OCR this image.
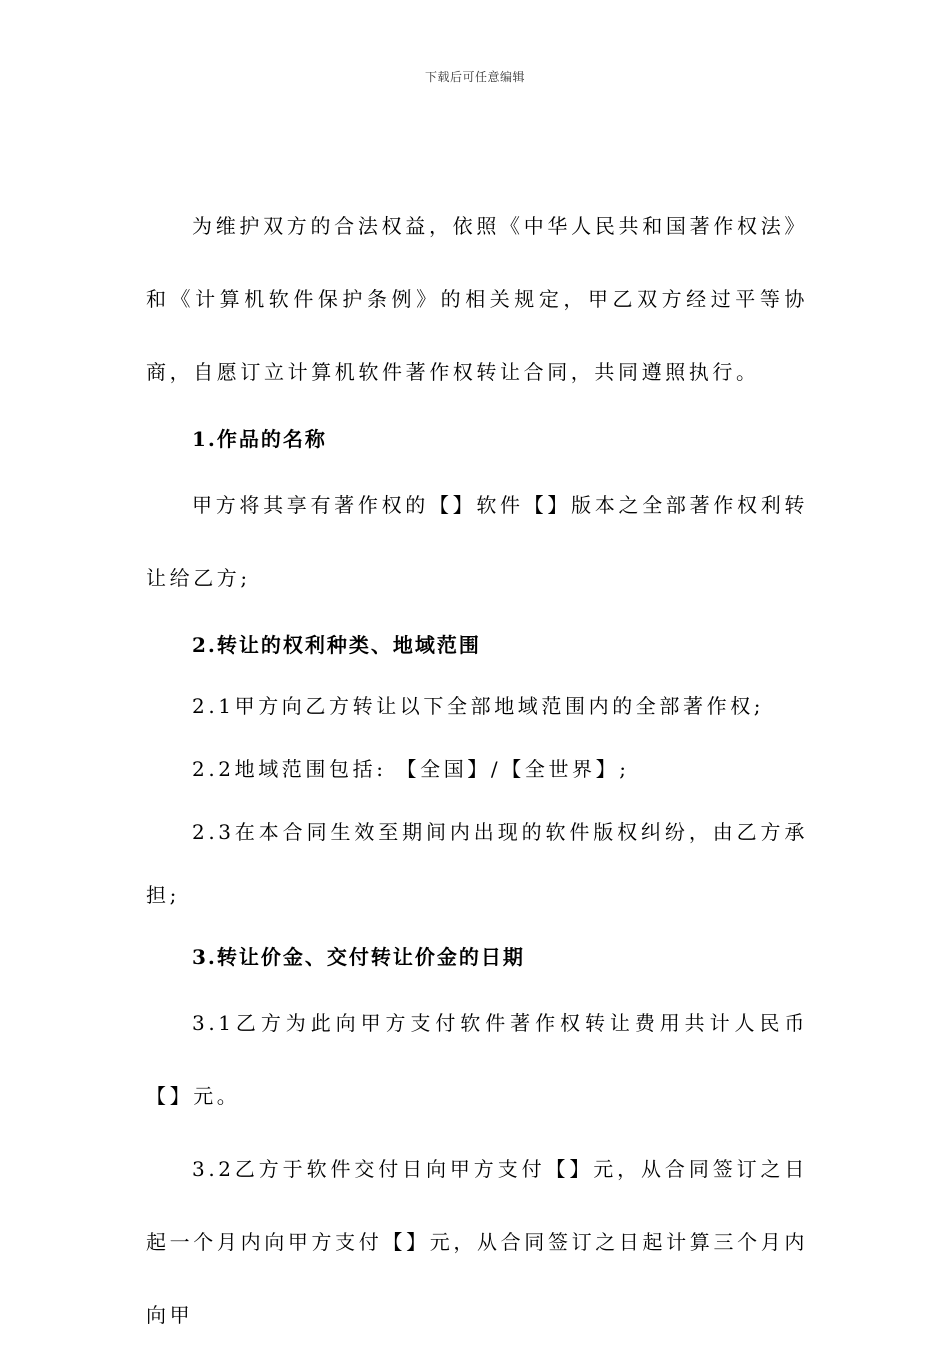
下载后可任意编辑

为维护双方的合法权益，依照《中华人民共和国著作权法》和《计算机软件保护条例》的相关规定，甲乙双方经过平等协商，自愿订立计算机软件著作权转让合同，共同遵照执行。

1.作品的名称

甲方将其享有著作权的【】软件【】版本之全部著作权利转让给乙方;

2.转让的权利种类、地域范围

2.1甲方向乙方转让以下全部地域范围内的全部著作权;

2.2地域范围包括: 【全国】/【全世界】;

2.3在本合同生效至期间内出现的软件版权纠纷，由乙方承担;

3.转让价金、交付转让价金的日期

3.1乙方为此向甲方支付软件著作权转让费用共计人民币【】元。

3.2乙方于软件交付日向甲方支付【】元，从合同签订之日起一个月内向甲方支付【】元，从合同签订之日起计算三个月内向甲
